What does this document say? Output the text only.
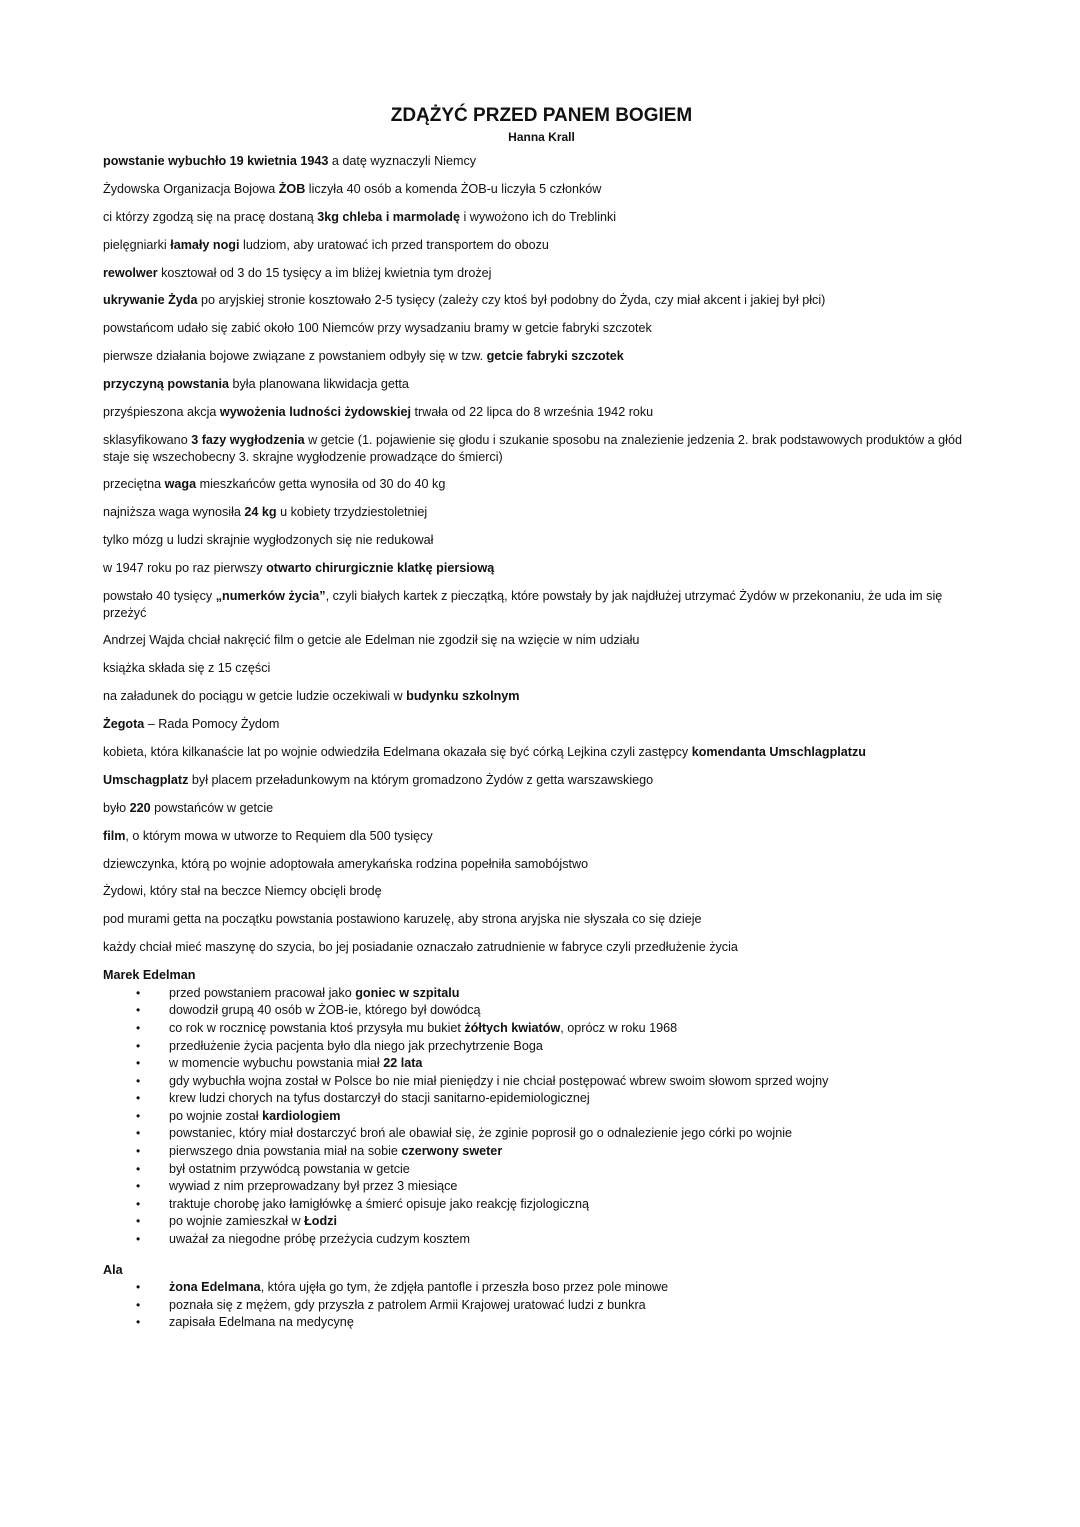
ZDĄŻYĆ PRZED PANEM BOGIEM
Hanna Krall

powstanie wybuchło 19 kwietnia 1943 a datę wyznaczyli Niemcy

Żydowska Organizacja Bojowa ŻOB liczyła 40 osób a komenda ŻOB-u liczyła 5 członków

ci którzy zgodzą się na pracę dostaną 3kg chleba i marmoladę i wywożono ich do Treblinki

pielęgniarki łamały nogi ludziom, aby uratować ich przed transportem do obozu

rewolwer kosztował od 3 do 15 tysięcy a im bliżej kwietnia tym drożej

ukrywanie Żyda po aryjskiej stronie kosztowało 2-5 tysięcy (zależy czy ktoś był podobny do Żyda, czy miał akcent i jakiej był płci)

powstańcom udało się zabić około 100 Niemców przy wysadzaniu bramy w getcie fabryki szczotek

pierwsze działania bojowe związane z powstaniem odbyły się w tzw. getcie fabryki szczotek

przyczyną powstania była planowana likwidacja getta

przyśpieszona akcja wywożenia ludności żydowskiej trwała od 22 lipca do 8 września 1942 roku

sklasyfikowano 3 fazy wygłodzenia w getcie (1. pojawienie się głodu i szukanie sposobu na znalezienie jedzenia 2. brak podstawowych produktów a głód staje się wszechobecny 3. skrajne wygłodzenie prowadzące do śmierci)

przeciętna waga mieszkańców getta wynosiła od 30 do 40 kg

najniższa waga wynosiła 24 kg u kobiety trzydziestoletniej

tylko mózg u ludzi skrajnie wygłodzonych się nie redukował

w 1947 roku po raz pierwszy otwarto chirurgicznie klatkę piersiową

powstało 40 tysięcy „numerków życia”, czyli białych kartek z pieczątką, które powstały by jak najdłużej utrzymać Żydów w przekonaniu, że uda im się przeżyć

Andrzej Wajda chciał nakręcić film o getcie ale Edelman nie zgodził się na wzięcie w nim udziału

książka składa się z 15 części

na załadunek do pociągu w getcie ludzie oczekiwali w budynku szkolnym

Żegota – Rada Pomocy Żydom

kobieta, która kilkanaście lat po wojnie odwiedziła Edelmana okazała się być córką Lejkina czyli zastępcy komendanta Umschlagplatzu

Umschagplatz był placem przeładunkowym na którym gromadzono Żydów z getta warszawskiego

było 220 powstańców w getcie

film, o którym mowa w utworze to Requiem dla 500 tysięcy

dziewczynka, którą po wojnie adoptowała amerykańska rodzina popełniła samobójstwo

Żydowi, który stał na beczce Niemcy obcięli brodę

pod murami getta na początku powstania postawiono karuzelę, aby strona aryjska nie słyszała co się dzieje

każdy chciał mieć maszynę do szycia, bo jej posiadanie oznaczało zatrudnienie w fabryce czyli przedłużenie życia

Marek Edelman
• przed powstaniem pracował jako goniec w szpitalu
• dowodził grupą 40 osób w ŻOB-ie, którego był dowódcą
• co rok w rocznicę powstania ktoś przysyła mu bukiet żółtych kwiatów, oprócz w roku 1968
• przedłużenie życia pacjenta było dla niego jak przechytrzenie Boga
• w momencie wybuchu powstania miał 22 lata
• gdy wybuchła wojna został w Polsce bo nie miał pieniędzy i nie chciał postępować wbrew swoim słowom sprzed wojny
• krew ludzi chorych na tyfus dostarczył do stacji sanitarno-epidemiologicznej
• po wojnie został kardiologiem
• powstaniec, który miał dostarczyć broń ale obawiał się, że zginie poprosił go o odnalezienie jego córki po wojnie
• pierwszego dnia powstania miał na sobie czerwony sweter
• był ostatnim przywódcą powstania w getcie
• wywiad z nim przeprowadzany był przez 3 miesiące
• traktuje chorobę jako łamigłówkę a śmierć opisuje jako reakcję fizjologiczną
• po wojnie zamieszkał w Łodzi
• uważał za niegodne próbę przeżycia cudzym kosztem
Ala
• żona Edelmana, która ujęła go tym, że zdjęła pantofle i przeszła boso przez pole minowe
• poznała się z mężem, gdy przyszła z patrolem Armii Krajowej uratować ludzi z bunkra
• zapisała Edelmana na medycynę
